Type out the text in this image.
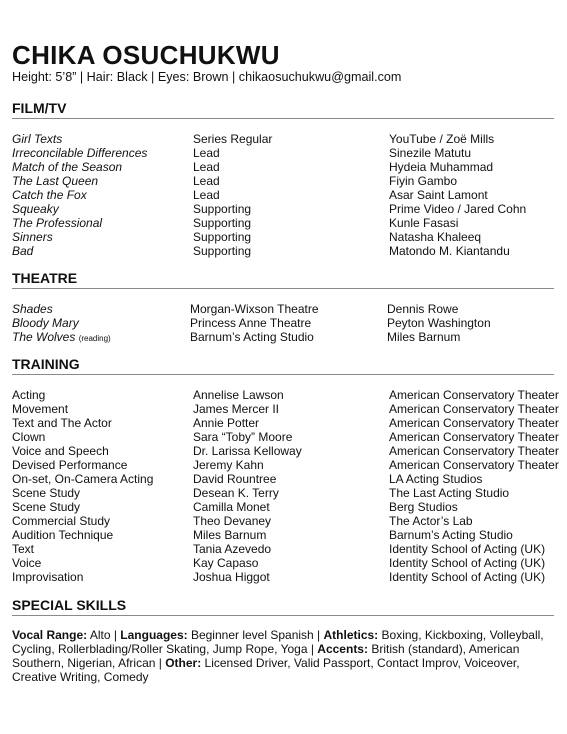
CHIKA OSUCHUKWU
Height: 5’8” | Hair: Black | Eyes: Brown | chikaosuchukwu@gmail.com
FILM/TV
Girl Texts	Series Regular	YouTube / Zoë Mills
Irreconcilable Differences	Lead	Sinezile Matutu
Match of the Season	Lead	Hydeia Muhammad
The Last Queen	Lead	Fiyin Gambo
Catch the Fox	Lead	Asar Saint Lamont
Squeaky	Supporting	Prime Video / Jared Cohn
The Professional	Supporting	Kunle Fasasi
Sinners	Supporting	Natasha Khaleeq
Bad	Supporting	Matondo M. Kiantandu
THEATRE
Shades	Morgan-Wixson Theatre	Dennis Rowe
Bloody Mary	Princess Anne Theatre	Peyton Washington
The Wolves (reading)	Barnum’s Acting Studio	Miles Barnum
TRAINING
Acting	Annelise Lawson	American Conservatory Theater
Movement	James Mercer II	American Conservatory Theater
Text and The Actor	Annie Potter	American Conservatory Theater
Clown	Sara “Toby” Moore	American Conservatory Theater
Voice and Speech	Dr. Larissa Kelloway	American Conservatory Theater
Devised Performance	Jeremy Kahn	American Conservatory Theater
On-set, On-Camera Acting	David Rountree	LA Acting Studios
Scene Study	Desean K. Terry	The Last Acting Studio
Scene Study	Camilla Monet	Berg Studios
Commercial Study	Theo Devaney	The Actor’s Lab
Audition Technique	Miles Barnum	Barnum’s Acting Studio
Text	Tania Azevedo	Identity School of Acting (UK)
Voice	Kay Capaso	Identity School of Acting (UK)
Improvisation	Joshua Higgot	Identity School of Acting (UK)
SPECIAL SKILLS
Vocal Range: Alto | Languages: Beginner level Spanish | Athletics: Boxing, Kickboxing, Volleyball, Cycling, Rollerblading/Roller Skating, Jump Rope, Yoga | Accents: British (standard), American Southern, Nigerian, African | Other: Licensed Driver, Valid Passport, Contact Improv, Voiceover, Creative Writing, Comedy
